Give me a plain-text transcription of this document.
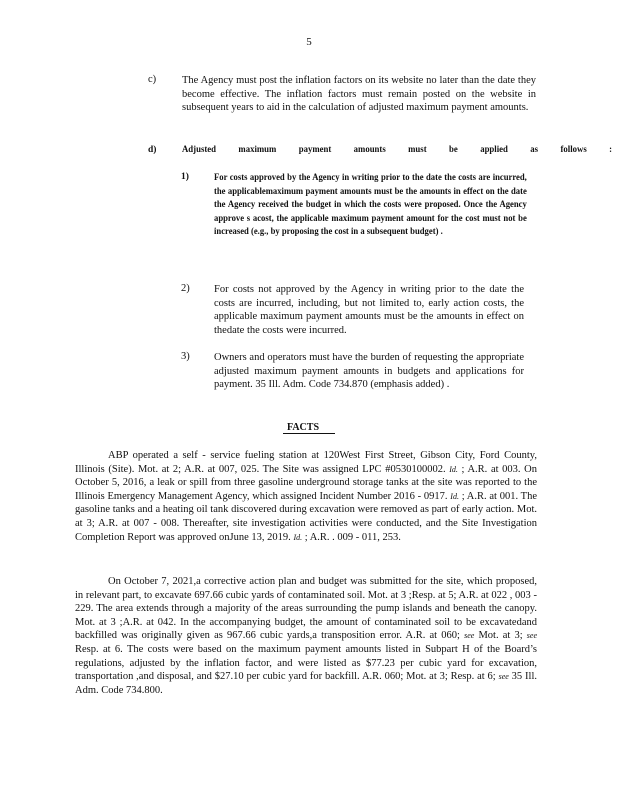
5
c) The Agency must post the inflation factors on its website no later than the date they become effective. The inflation factors must remain posted on the website in subsequent years to aid in the calculation of adjusted maximum payment amounts.
d)	Adjusted maximum payment amounts must be applied as follows :
1)	For costs approved by the Agency in writing prior to the date the costs are incurred, the applicablemaximum payment amounts must be the amounts in effect on the date the Agency received the budget in which the costs were proposed. Once the Agency approve s acost, the applicable maximum payment amount for the cost must not be increased (e.g., by proposing the cost in a subsequent budget) .
2) For costs not approved by the Agency in writing prior to the date the costs are incurred, including, but not limited to, early action costs, the applicable maximum payment amounts must be the amounts in effect on thedate the costs were incurred.
3) Owners and operators must have the burden of requesting the appropriate adjusted maximum payment amounts in budgets and applications for payment. 35 Ill. Adm. Code 734.870 (emphasis added) .
FACTS
ABP operated a self - service fueling station at 120West First Street, Gibson City, Ford County, Illinois (Site). Mot. at 2; A.R. at 007, 025. The Site was assigned LPC #0530100002. Id. ; A.R. at 003. On October 5, 2016, a leak or spill from three gasoline underground storage tanks at the site was reported to the Illinois Emergency Management Agency, which assigned Incident Number 2016 - 0917. Id. ; A.R. at 001. The gasoline tanks and a heating oil tank discovered during excavation were removed as part of early action. Mot. at 3; A.R. at 007 - 008. Thereafter, site investigation activities were conducted, and the Site Investigation Completion Report was approved onJune 13, 2019. Id. ; A.R. . 009 - 011, 253.
On October 7, 2021,a corrective action plan and budget was submitted for the site, which proposed, in relevant part, to excavate 697.66 cubic yards of contaminated soil. Mot. at 3 ;Resp. at 5; A.R. at 022 , 003 - 229. The area extends through a majority of the areas surrounding the pump islands and beneath the canopy. Mot. at 3 ;A.R. at 042. In the accompanying budget, the amount of contaminated soil to be excavatedand backfilled was originally given as 967.66 cubic yards,a transposition error. A.R. at 060; see Mot. at 3; see Resp. at 6. The costs were based on the maximum payment amounts listed in Subpart H of the Board’s regulations, adjusted by the inflation factor, and were listed as $77.23 per cubic yard for excavation, transportation ,and disposal, and $27.10 per cubic yard for backfill. A.R. 060; Mot. at 3; Resp. at 6; see 35 Ill. Adm. Code 734.800.
